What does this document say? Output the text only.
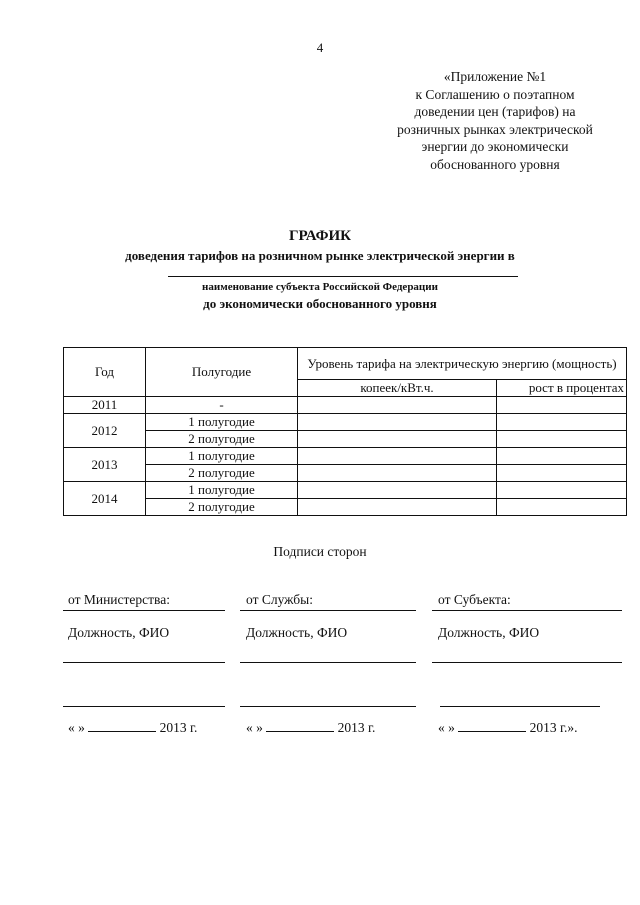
4
«Приложение №1
к Соглашению о поэтапном
доведении цен (тарифов) на
розничных рынках электрической
энергии до экономически
обоснованного уровня
ГРАФИК
доведения тарифов на розничном рынке электрической энергии в
наименование субъекта Российской Федерации
до экономически обоснованного уровня
Год	Полугодие	Уровень тарифа на электрическую энергию (мощность)	
		копеек/кВт.ч.	рост в процентах
2011	-		
2012	1 полугодие		
	2 полугодие		
2013	1 полугодие		
	2 полугодие		
2014	1 полугодие		
	2 полугодие		
Подписи сторон
от Министерства:
Должность, ФИО
« »	2013 г.
от Службы:
Должность, ФИО
« »	2013 г.
от Субъекта:
Должность, ФИО
« »	2013 г.».
